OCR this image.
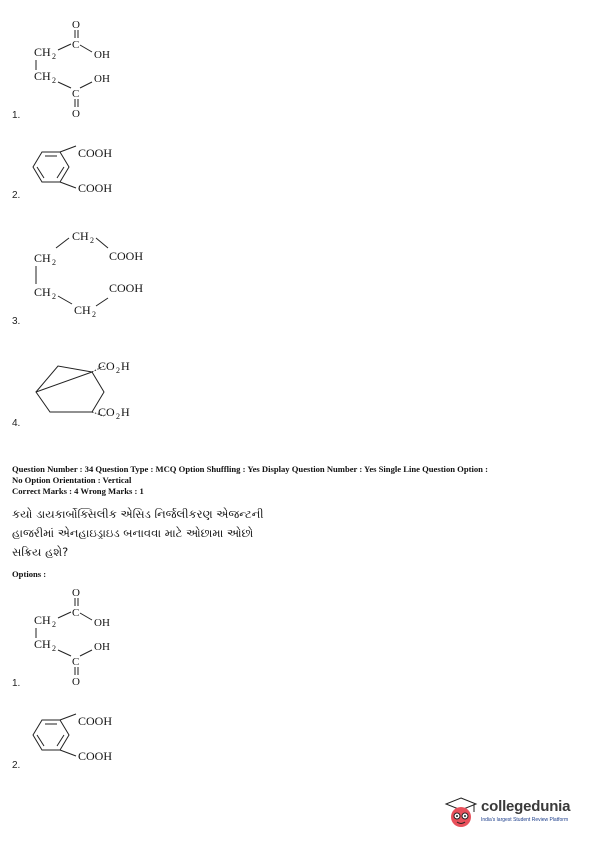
O
C
CH 2	OH
CH 2
C
OH
O
1.
COOH
COOH
2.
CH 2
CH 2	COOH
CH 2
CH 2
COOH
3.
CO 2 H
CO 2 H
4.
Question Number : 34 Question Type : MCQ Option Shuffling : Yes Display Question Number : Yes Single Line Question Option :
No Option Orientation : Vertical
Correct Marks : 4 Wrong Marks : 1
કયો ડાયકાર્બોક્સિલીક એસિડ નિર્જલીકરણ એજન્ટની
હાજરીમાં એનહાઇડ્રાઇડ બનાવવા માટે ઓછામા ઓછો
સક્રિય હશે?
Options :
O
C
CH 2	OH
CH 2
C
OH
O
1.
COOH
COOH
2.
collegedunia
India's largest Student Review Platform
